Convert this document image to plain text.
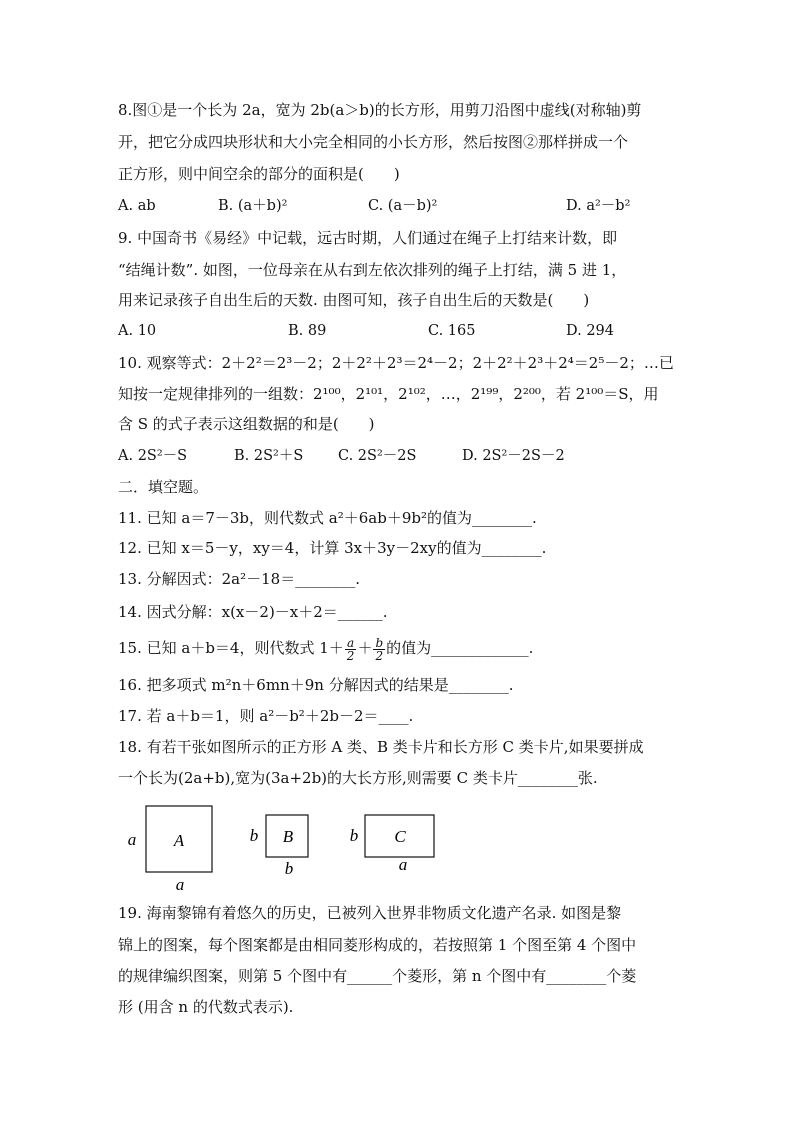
8.图①是一个长为 2a，宽为 2b(a＞b)的长方形，用剪刀沿图中虚线(对称轴)剪
开，把它分成四块形状和大小完全相同的小长方形，然后按图②那样拼成一个
正方形，则中间空余的部分的面积是(　　)
A. ab	B. (a＋b)²	C. (a－b)²	D. a²－b²
9. 中国奇书《易经》中记载，远古时期，人们通过在绳子上打结来计数，即
“结绳计数”. 如图，一位母亲在从右到左依次排列的绳子上打结，满 5 进 1，
用来记录孩子自出生后的天数. 由图可知，孩子自出生后的天数是(　　)
A. 10	B. 89	C. 165	D. 294
10. 观察等式：2＋2²＝2³－2；2＋2²＋2³＝2⁴－2；2＋2²＋2³＋2⁴＝2⁵－2；…已
知按一定规律排列的一组数：2¹⁰⁰，2¹⁰¹，2¹⁰²，…，2¹⁹⁹，2²⁰⁰，若 2¹⁰⁰＝S，用
含 S 的式子表示这组数据的和是(　　)
A. 2S²－S	B. 2S²＋S C. 2S²－2S	D. 2S²－2S－2
二．填空题。
11. 已知 a＝7－3b，则代数式 a²＋6ab＋9b²的值为________.
12. 已知 x＝5－y，xy＝4，计算 3x＋3y－2xy的值为________.
13. 分解因式：2a²－18＝________.
14. 因式分解：x(x－2)－x＋2＝______.
15. 已知 a＋b＝4，则代数式 $1+ \frac{a}{2} + \frac{b}{2}$ 的值为_____________.
16. 把多项式 m²n＋6mn＋9n 分解因式的结果是________.
17. 若 a＋b＝1，则 a²－b²＋2b－2＝____.
18. 有若干张如图所示的正方形 A 类、B 类卡片和长方形 C 类卡片,如果要拼成
一个长为(2a+b),宽为(3a+2b)的大长方形,则需要 C 类卡片________张.
a A
a
b B
b
b C
a
19. 海南黎锦有着悠久的历史，已被列入世界非物质文化遗产名录. 如图是黎
锦上的图案，每个图案都是由相同菱形构成的，若按照第 1 个图至第 4 个图中
的规律编织图案，则第 5 个图中有______个菱形，第 n 个图中有________个菱
形 (用含 n 的代数式表示).
